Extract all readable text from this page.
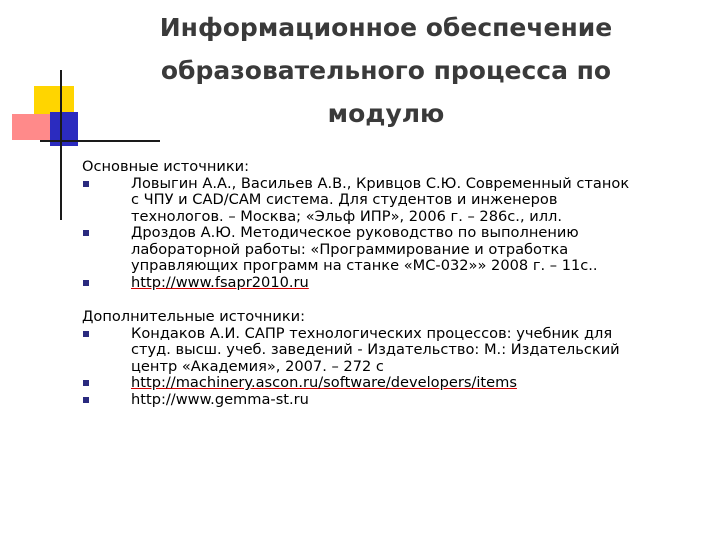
Информационное обеспечение
образовательного процесса по
модулю
Основные источники:
Ловыгин А.А., Васильев А.В., Кривцов С.Ю. Современный станок
с ЧПУ и CAD/CAM система. Для студентов и инженеров
технологов. – Москва; «Эльф ИПР», 2006 г. – 286с., илл.
Дроздов А.Ю. Методическое руководство по выполнению
лабораторной работы: «Программирование и отработка
управляющих программ на станке «МС-032»» 2008 г. – 11с..
http://www.fsapr2010.ru
Дополнительные источники:
Кондаков А.И. САПР технологических процессов: учебник для
студ. высш. учеб. заведений - Издательство: М.: Издательский
центр «Академия», 2007. – 272 с
http://machinery.ascon.ru/software/developers/items
http://www.gemma-st.ru
